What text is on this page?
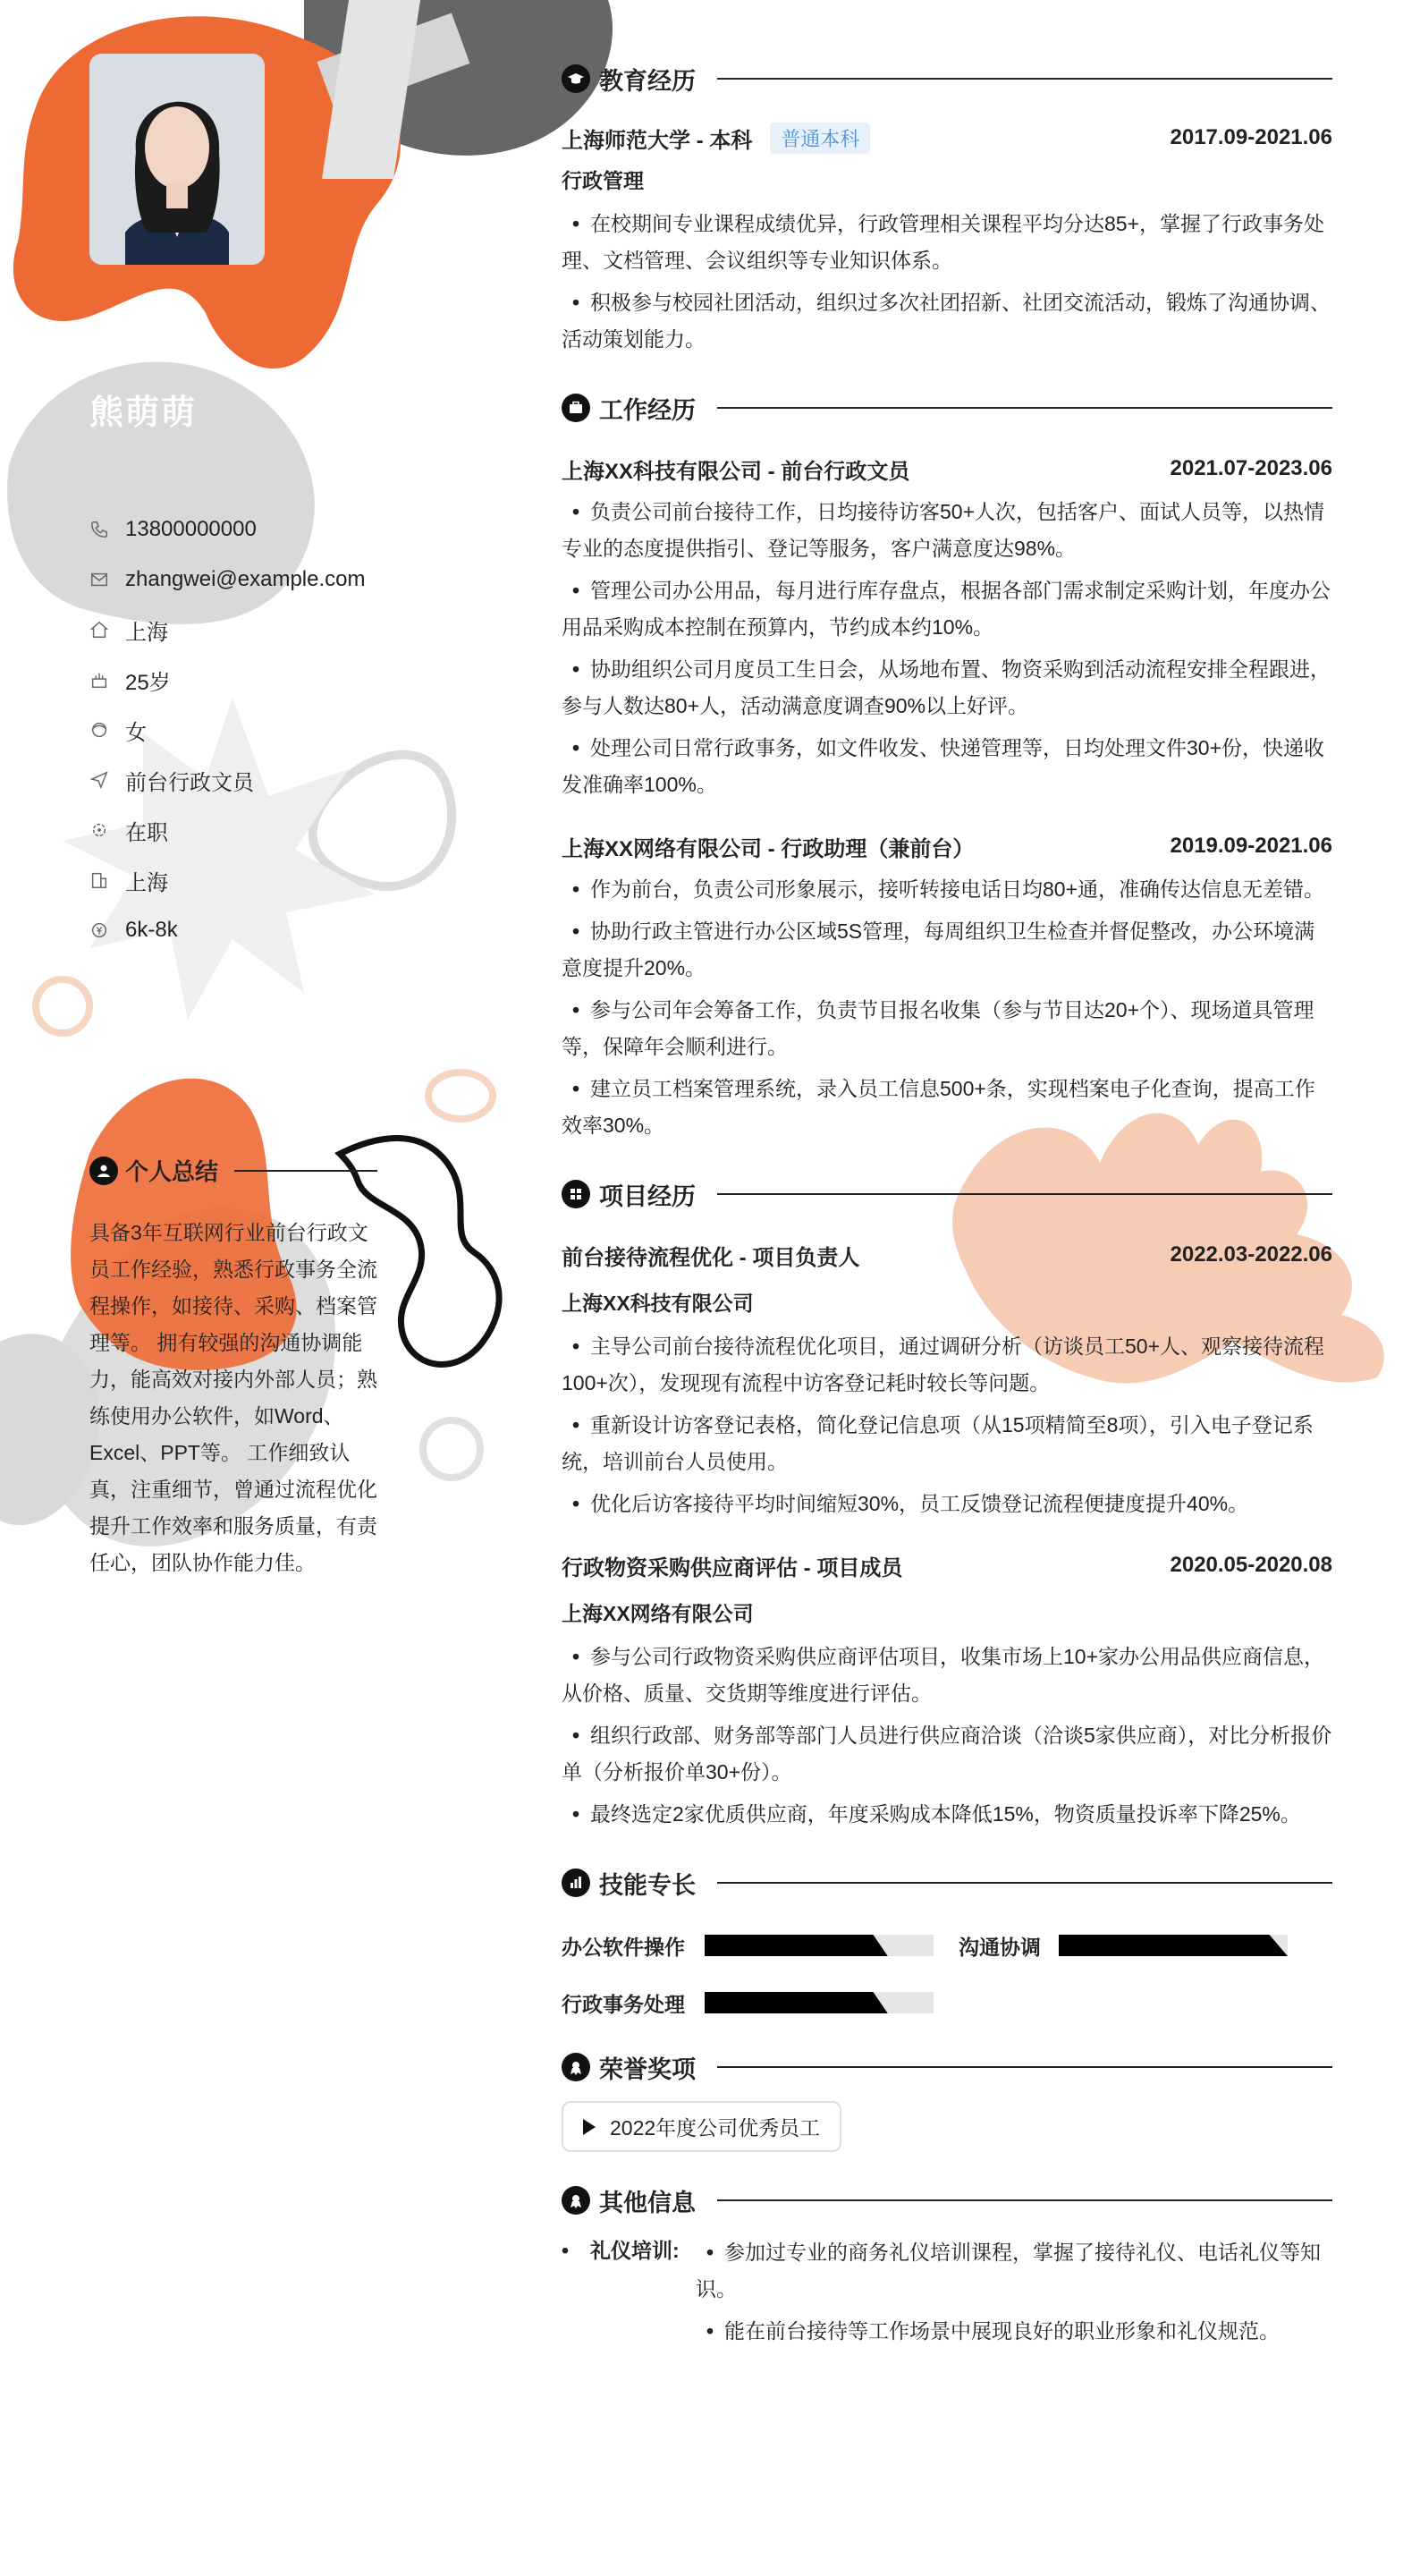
熊萌萌
13800000000
zhangwei@example.com
上海
25岁
女
前台行政文员
在职
上海
6k-8k
个人总结
具备3年互联网行业前台行政文员工作经验，熟悉行政事务全流程操作，如接待、采购、档案管理等。 拥有较强的沟通协调能力，能高效对接内外部人员；熟练使用办公软件，如Word、Excel、PPT等。 工作细致认真，注重细节，曾通过流程优化提升工作效率和服务质量，有责任心，团队协作能力佳。
教育经历
上海师范大学 - 本科	普通本科	2017.09-2021.06
行政管理
• 在校期间专业课程成绩优异，行政管理相关课程平均分达85+，掌握了行政事务处理、文档管理、会议组织等专业知识体系。
• 积极参与校园社团活动，组织过多次社团招新、社团交流活动，锻炼了沟通协调、活动策划能力。
工作经历
上海XX科技有限公司 - 前台行政文员	2021.07-2023.06
• 负责公司前台接待工作，日均接待访客50+人次，包括客户、面试人员等，以热情专业的态度提供指引、登记等服务，客户满意度达98%。
• 管理公司办公用品，每月进行库存盘点，根据各部门需求制定采购计划，年度办公用品采购成本控制在预算内，节约成本约10%。
• 协助组织公司月度员工生日会，从场地布置、物资采购到活动流程安排全程跟进，参与人数达80+人，活动满意度调查90%以上好评。
• 处理公司日常行政事务，如文件收发、快递管理等，日均处理文件30+份，快递收发准确率100%。
上海XX网络有限公司 - 行政助理（兼前台）	2019.09-2021.06
• 作为前台，负责公司形象展示，接听转接电话日均80+通，准确传达信息无差错。
• 协助行政主管进行办公区域5S管理，每周组织卫生检查并督促整改，办公环境满意度提升20%。
• 参与公司年会筹备工作，负责节目报名收集（参与节目达20+个）、现场道具管理等，保障年会顺利进行。
• 建立员工档案管理系统，录入员工信息500+条，实现档案电子化查询，提高工作效率30%。
项目经历
前台接待流程优化 - 项目负责人	2022.03-2022.06
上海XX科技有限公司
• 主导公司前台接待流程优化项目，通过调研分析（访谈员工50+人、观察接待流程100+次），发现现有流程中访客登记耗时较长等问题。
• 重新设计访客登记表格，简化登记信息项（从15项精简至8项），引入电子登记系统，培训前台人员使用。
• 优化后访客接待平均时间缩短30%，员工反馈登记流程便捷度提升40%。
行政物资采购供应商评估 - 项目成员	2020.05-2020.08
上海XX网络有限公司
• 参与公司行政物资采购供应商评估项目，收集市场上10+家办公用品供应商信息，从价格、质量、交货期等维度进行评估。
• 组织行政部、财务部等部门人员进行供应商洽谈（洽谈5家供应商），对比分析报价单（分析报价单30+份）。
• 最终选定2家优质供应商，年度采购成本降低15%，物资质量投诉率下降25%。
技能专长
办公软件操作	沟通协调
行政事务处理
荣誉奖项
2022年度公司优秀员工
其他信息
• 礼仪培训:
•	参加过专业的商务礼仪培训课程，掌握了接待礼仪、电话礼仪等知识。
• 能在前台接待等工作场景中展现良好的职业形象和礼仪规范。
